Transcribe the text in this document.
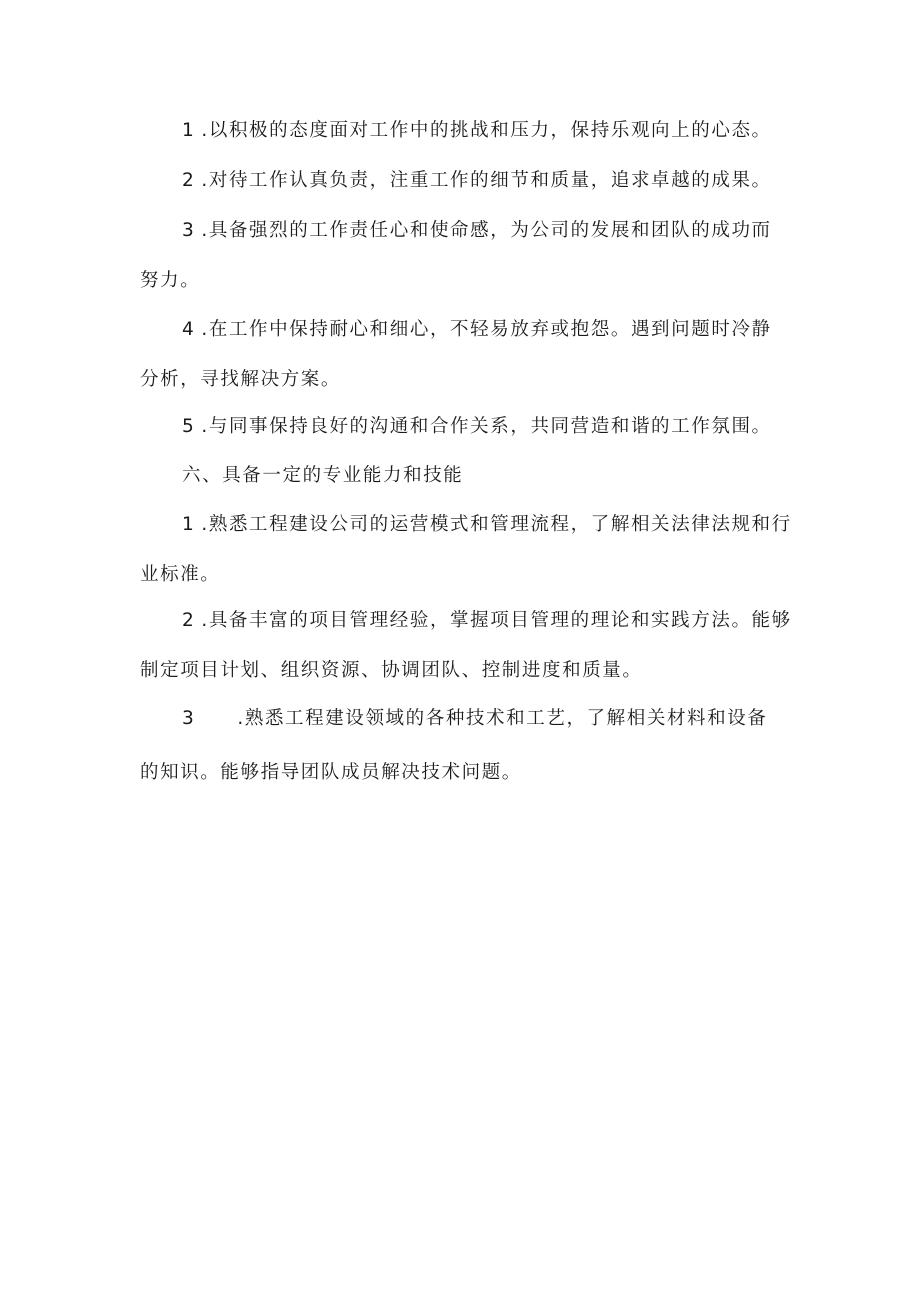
1 .以积极的态度面对工作中的挑战和压力，保持乐观向上的心态。
2 .对待工作认真负责，注重工作的细节和质量，追求卓越的成果。
3 .具备强烈的工作责任心和使命感，为公司的发展和团队的成功而
努力。
4 .在工作中保持耐心和细心，不轻易放弃或抱怨。遇到问题时冷静
分析，寻找解决方案。
5 .与同事保持良好的沟通和合作关系，共同营造和谐的工作氛围。
六、具备一定的专业能力和技能
1 .熟悉工程建设公司的运营模式和管理流程，了解相关法律法规和行
业标准。
2 .具备丰富的项目管理经验，掌握项目管理的理论和实践方法。能够
制定项目计划、组织资源、协调团队、控制进度和质量。
3 .熟悉工程建设领域的各种技术和工艺，了解相关材料和设备
的知识。能够指导团队成员解决技术问题。
